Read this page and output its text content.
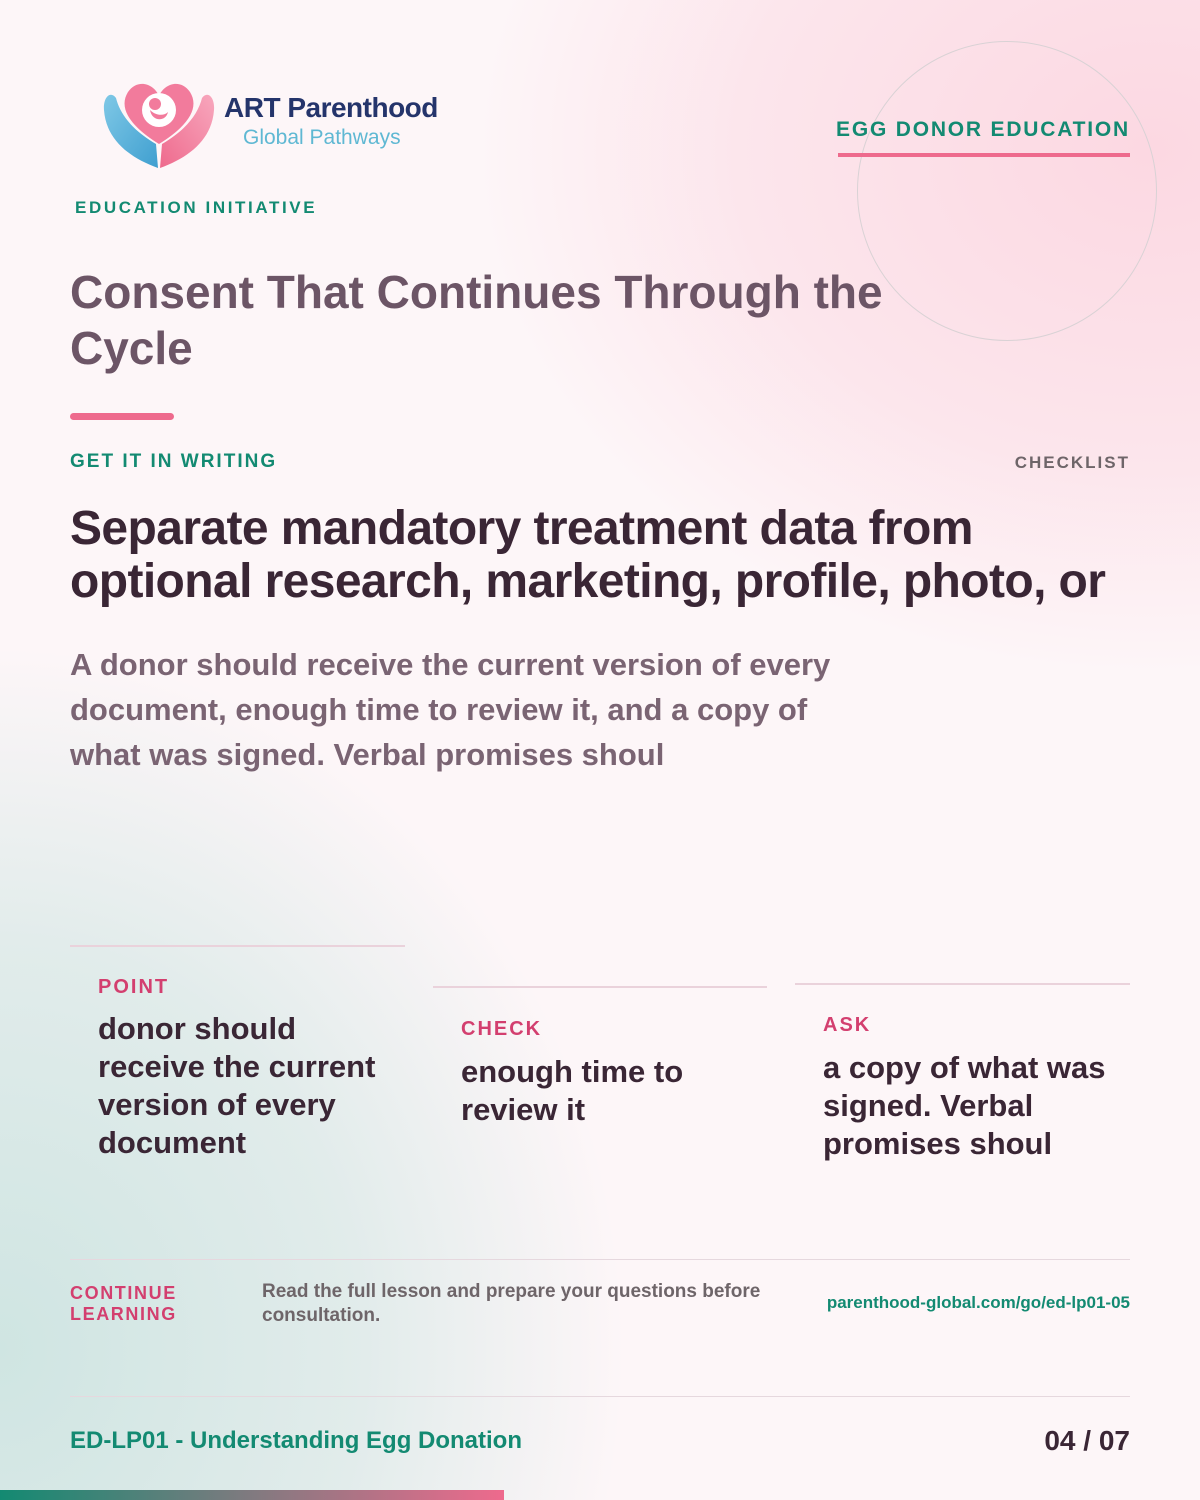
ART Parenthood
Global Pathways
EDUCATION INITIATIVE
EGG DONOR EDUCATION
Consent That Continues Through the Cycle
GET IT IN WRITING	CHECKLIST
Separate mandatory treatment data from optional research, marketing, profile, photo, or
A donor should receive the current version of every document, enough time to review it, and a copy of what was signed. Verbal promises shoul
POINT
donor should receive the current version of every document
CHECK
enough time to review it
ASK
a copy of what was signed. Verbal promises shoul
CONTINUE LEARNING
Read the full lesson and prepare your questions before consultation.
parenthood-global.com/go/ed-lp01-05
ED-LP01 - Understanding Egg Donation	04 / 07
